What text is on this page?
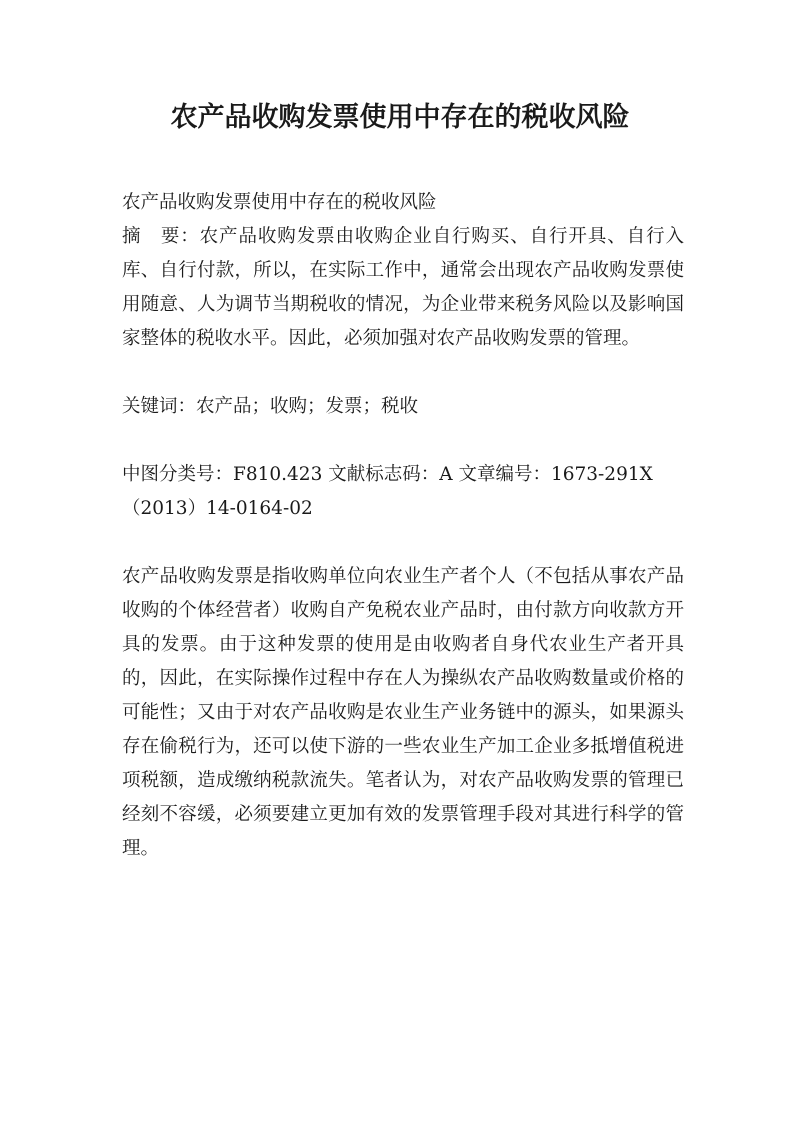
农产品收购发票使用中存在的税收风险

农产品收购发票使用中存在的税收风险

摘　要：农产品收购发票由收购企业自行购买、自行开具、自行入库、自行付款，所以，在实际工作中，通常会出现农产品收购发票使用随意、人为调节当期税收的情况，为企业带来税务风险以及影响国家整体的税收水平。因此，必须加强对农产品收购发票的管理。

关键词：农产品；收购；发票；税收

中图分类号：F810.423 文献标志码：A 文章编号：1673-291X

（2013）14-0164-02

农产品收购发票是指收购单位向农业生产者个人（不包括从事农产品收购的个体经营者）收购自产免税农业产品时，由付款方向收款方开具的发票。由于这种发票的使用是由收购者自身代农业生产者开具的，因此，在实际操作过程中存在人为操纵农产品收购数量或价格的可能性；又由于对农产品收购是农业生产业务链中的源头，如果源头存在偷税行为，还可以使下游的一些农业生产加工企业多抵增值税进项税额，造成缴纳税款流失。笔者认为，对农产品收购发票的管理已经刻不容缓，必须要建立更加有效的发票管理手段对其进行科学的管理。
